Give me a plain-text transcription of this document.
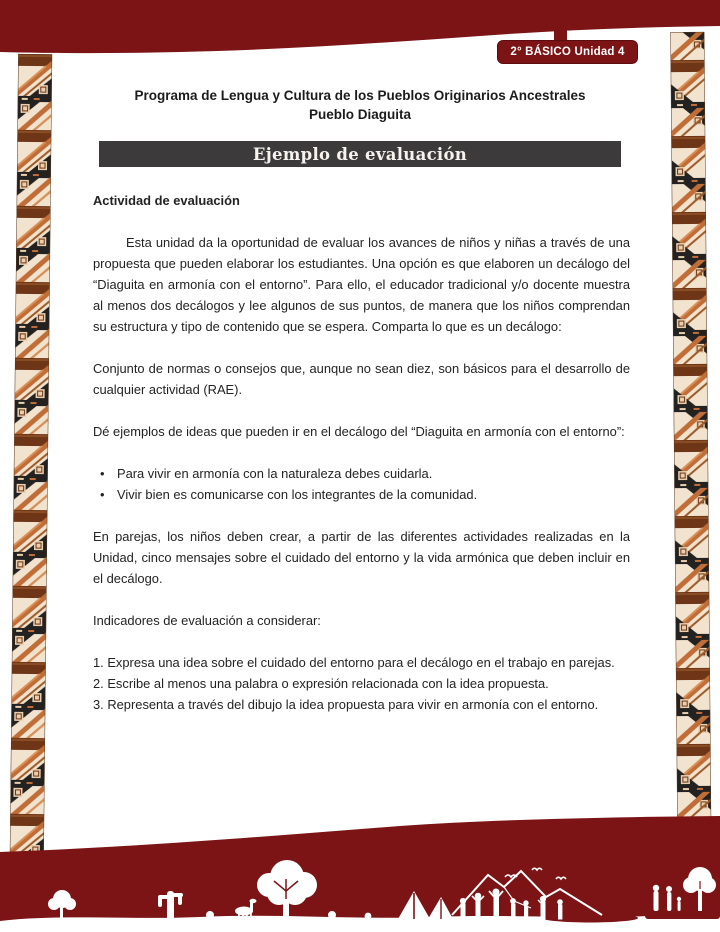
2° BÁSICO Unidad 4
Programa de Lengua y Cultura de los Pueblos Originarios Ancestrales
Pueblo Diaguita
Ejemplo de evaluación
Actividad de evaluación

Esta unidad da la oportunidad de evaluar los avances de niños y niñas a través de una propuesta que pueden elaborar los estudiantes. Una opción es que elaboren un decálogo del “Diaguita en armonía con el entorno”. Para ello, el educador tradicional y/o docente muestra al menos dos decálogos y lee algunos de sus puntos, de manera que los niños comprendan su estructura y tipo de contenido que se espera. Comparta lo que es un decálogo:

Conjunto de normas o consejos que, aunque no sean diez, son básicos para el desarrollo de cualquier actividad (RAE).

Dé ejemplos de ideas que pueden ir en el decálogo del “Diaguita en armonía con el entorno”:

• Para vivir en armonía con la naturaleza debes cuidarla.
• Vivir bien es comunicarse con los integrantes de la comunidad.

En parejas, los niños deben crear, a partir de las diferentes actividades realizadas en la Unidad, cinco mensajes sobre el cuidado del entorno y la vida armónica que deben incluir en el decálogo.

Indicadores de evaluación a considerar:

1. Expresa una idea sobre el cuidado del entorno para el decálogo en el trabajo en parejas.
2. Escribe al menos una palabra o expresión relacionada con la idea propuesta.
3. Representa a través del dibujo la idea propuesta para vivir en armonía con el entorno.
